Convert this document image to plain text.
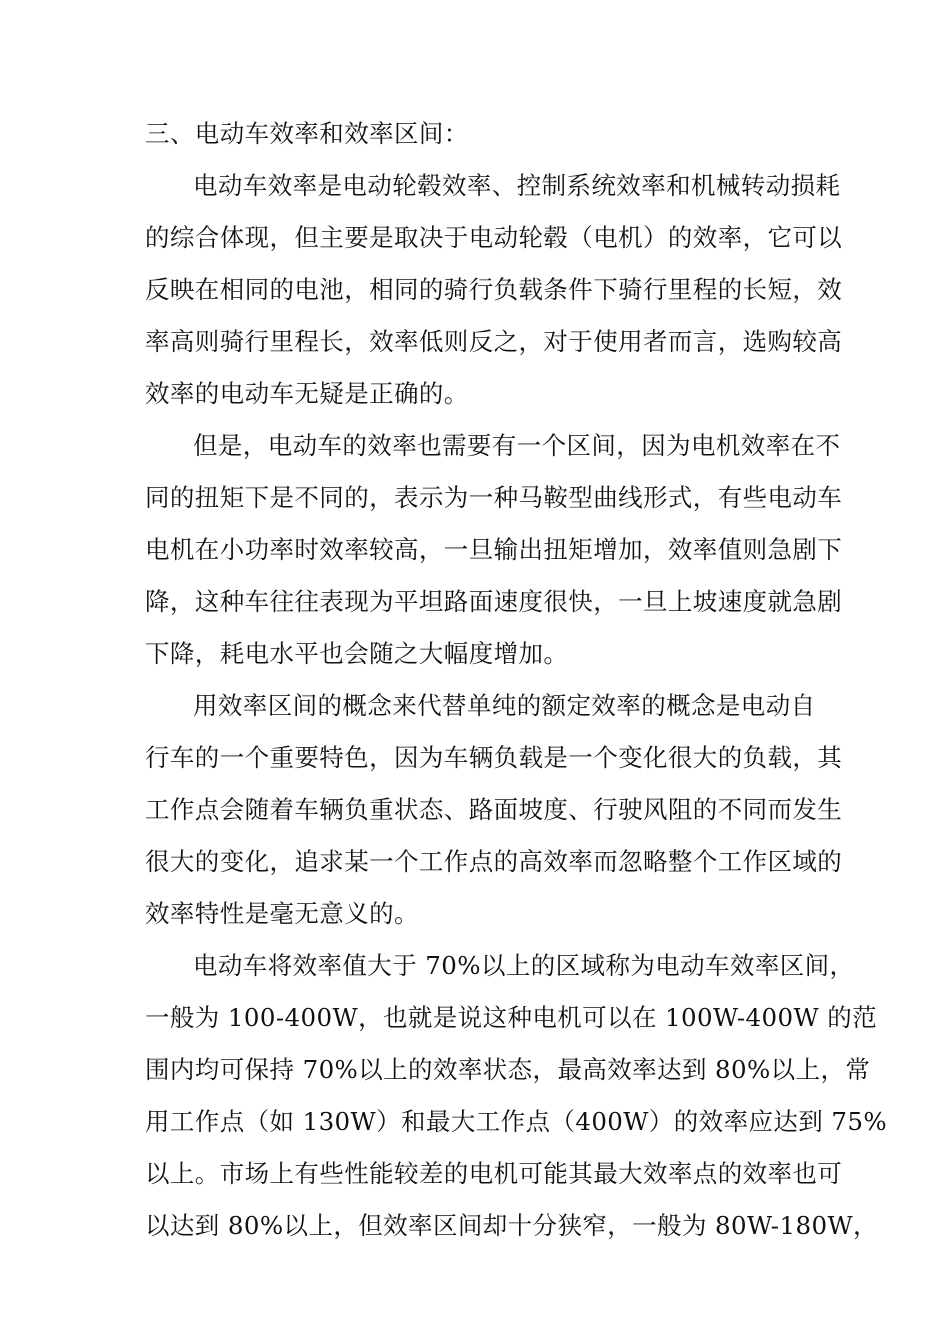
三、电动车效率和效率区间：
电动车效率是电动轮毂效率、控制系统效率和机械转动损耗
的综合体现，但主要是取决于电动轮毂（电机）的效率，它可以
反映在相同的电池，相同的骑行负载条件下骑行里程的长短，效
率高则骑行里程长，效率低则反之，对于使用者而言，选购较高
效率的电动车无疑是正确的。
但是，电动车的效率也需要有一个区间，因为电机效率在不
同的扭矩下是不同的，表示为一种马鞍型曲线形式，有些电动车
电机在小功率时效率较高，一旦输出扭矩增加，效率值则急剧下
降，这种车往往表现为平坦路面速度很快，一旦上坡速度就急剧
下降，耗电水平也会随之大幅度增加。
用效率区间的概念来代替单纯的额定效率的概念是电动自
行车的一个重要特色，因为车辆负载是一个变化很大的负载，其
工作点会随着车辆负重状态、路面坡度、行驶风阻的不同而发生
很大的变化，追求某一个工作点的高效率而忽略整个工作区域的
效率特性是毫无意义的。
电动车将效率值大于 70%以上的区域称为电动车效率区间，
一般为 100-400W，也就是说这种电机可以在 100W-400W 的范
围内均可保持 70%以上的效率状态，最高效率达到 80%以上，常
用工作点（如 130W）和最大工作点（400W）的效率应达到 75%
以上。市场上有些性能较差的电机可能其最大效率点的效率也可
以达到 80%以上，但效率区间却十分狭窄，一般为 80W-180W，
